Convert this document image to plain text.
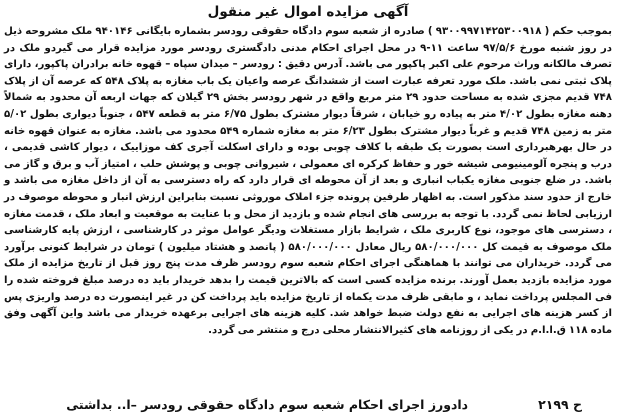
آگهی مزایده اموال غیر منقول

بموجب حکم ( ۹۳۰۰۹۹۷۱۴۲۵۳۰۰۹۱۸ ) صادره از شعبه سوم دادگاه حقوقی رودسر بشماره بایگانی ۹۴۰۱۴۶ ملک مشروحه ذیل در روز شنبه مورخ ۹۷/۵/۶ ساعت ۱۱-۹ در محل اجرای احکام مدنی دادگستری رودسر مورد مزایده قرار می گیردو ملک در تصرف مالکانه وراث مرحوم علی اکبر پاکپور می باشد. آدرس دقیق : رودسر – میدان سپاه – قهوه خانه برادران پاکپور، دارای پلاک ثبتی نمی باشد. ملک مورد تعرفه عبارت است از ششدانگ عرصه واعیان یک باب مغازه به پلاک ۵۴۸ که عرصه آن از پلاک ۷۴۸ قدیم مجزی شده به مساحت حدود ۲۹ متر مربع واقع در شهر رودسر بخش ۲۹ گیلان که جهات اربعه آن محدود به شمالاً دهنه مغازه بطول ۴/۰۲ متر به پیاده رو خیابان ، شرقاً دیوار مشترک بطول ۶/۷۵ متر به قطعه ۵۴۷ ، جنوباً دیواری بطول ۵/۰۲ متر به زمین ۷۴۸ قدیم و غرباً دیوار مشترک بطول ۶/۲۳ متر به مغازه شماره ۵۴۹ محدود می باشد. مغازه به عنوان قهوه خانه در حال بهرهبرداری است بصورت یک طبقه با کلاف چوبی بوده و دارای اسکلت آجری کف موزاییک ، دیوار کاشی قدیمی ، درب و پنجره آلومینیومی شیشه خور و حفاظ کرکره ای معمولی ، شیروانی چوبی و پوشش حلب ، امتیاز آب و برق و گاز می باشد. در ضلع جنوبی مغازه یکباب انباری و بعد از آن محوطه ای قرار دارد که راه دسترسی به آن از داخل مغازه می باشد و خارج از حدود سند مذکور است. به اظهار طرفین پرونده جزء املاک موروثی نسبت بنابراین ارزش انبار و محوطه موصوف در ارزیابی لحاظ نمی گردد. با توجه به بررسی های انجام شده و بازدید از محل و با عنایت به موقعیت و ابعاد ملک ، قدمت مغازه ، دسترسی های موجود، نوع کاربری ملک ، شرایط بازار مستغلات ودیگر عوامل موثر در کارشناسی ، ارزش پایه کارشناسی ملک موصوف به قیمت کل ۵۸۰/۰۰۰/۰۰۰ ریال معادل ۵۸۰/۰۰۰/۰۰۰ ( پانصد و هشتاد میلیون ) تومان در شرایط کنونی برآورد می گردد. خریداران می توانند با هماهنگی اجرای احکام شعبه سوم رودسر ظرف مدت پنج روز قبل از تاریخ مزایده از ملک مورد مزایده بازدید بعمل آورند. برنده مزایده کسی است که بالاترین قیمت را بدهد خریدار باید ده درصد مبلغ فروخته شده را فی المجلس پرداخت نماید ، و مابقی ظرف مدت یکماه از تاریخ مزایده باید پرداخت کن در غیر اینصورت ده درصد واریزی پس از کسر هزینه های اجرایی به نفع دولت ضبط خواهد شد. کلیه هزینه های اجرایی برعهده خریدار می باشد واین آگهی وفق ماده ۱۱۸ ق.ا.ا.م در یکی از روزنامه های کثیرالانتشار محلی درج و منتشر می گردد.

ح ۲۱۹۹
دادورز اجرای احکام شعبه سوم دادگاه حقوقی رودسر –ا.. بداشتی
